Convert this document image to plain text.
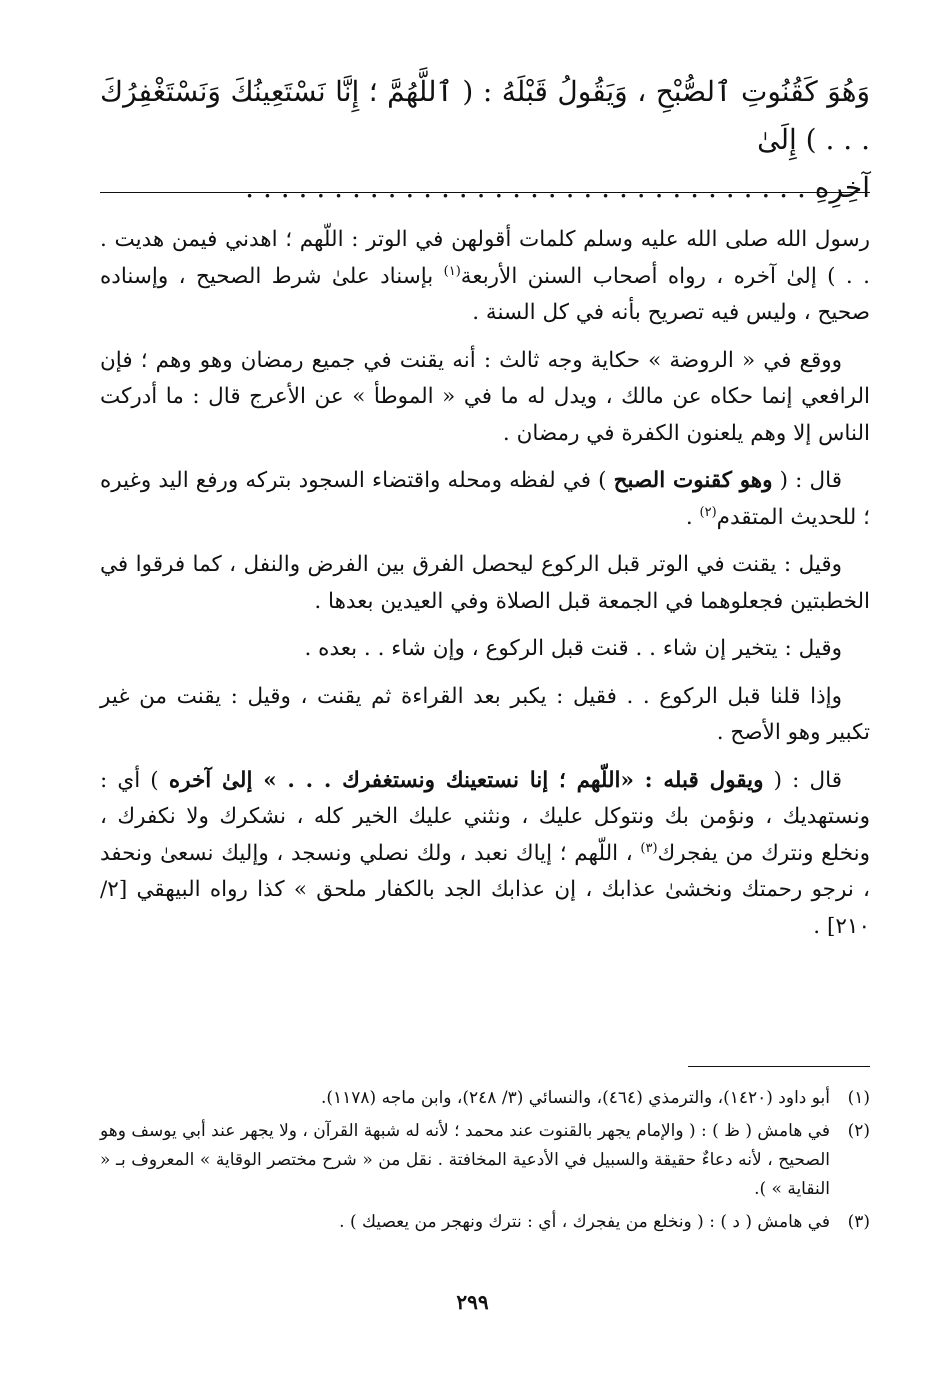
وَهُوَ كَقُنُوتِ ٱلصُّبْحِ ، وَيَقُولُ قَبْلَهُ : ( ٱللَّهُمَّ ؛ إِنَّا نَسْتَعِينُكَ وَنَسْتَغْفِرُكَ . . . ) إِلَىٰ

آخِرِهِ . . . . . . . . . . . . . . . . . . . . . . . . . . . . . . . .

رسول الله صلى الله عليه وسلم كلمات أقولهن في الوتر : اللّهم ؛ اهدني فيمن هديت . . . ) إلىٰ آخره ، رواه أصحاب السنن الأربعة$^{(١)}$ بإسناد علىٰ شرط الصحيح ، وإسناده صحيح ، وليس فيه تصريح بأنه في كل السنة .

ووقع في « الروضة » حكاية وجه ثالث : أنه يقنت في جميع رمضان وهو وهم ؛ فإن الرافعي إنما حكاه عن مالك ، ويدل له ما في « الموطأ » عن الأعرج قال : ما أدركت الناس إلا وهم يلعنون الكفرة في رمضان .

قال : ( وهو كقنوت الصبح ) في لفظه ومحله واقتضاء السجود بتركه ورفع اليد وغيره ؛ للحديث المتقدم$^{(٢)}$ .

وقيل : يقنت في الوتر قبل الركوع ليحصل الفرق بين الفرض والنفل ، كما فرقوا في الخطبتين فجعلوهما في الجمعة قبل الصلاة وفي العيدين بعدها .

وقيل : يتخير إن شاء . . قنت قبل الركوع ، وإن شاء . . بعده .

وإذا قلنا قبل الركوع . . فقيل : يكبر بعد القراءة ثم يقنت ، وقيل : يقنت من غير تكبير وهو الأصح .

قال : ( ويقول قبله : «اللّهم ؛ إنا نستعينك ونستغفرك . . . » إلىٰ آخره ) أي : ونستهديك ، ونؤمن بك ونتوكل عليك ، ونثني عليك الخير كله ، نشكرك ولا نكفرك ، ونخلع ونترك من يفجرك$^{(٣)}$ ، اللّهم ؛ إياك نعبد ، ولك نصلي ونسجد ، وإليك نسعىٰ ونحفد ، نرجو رحمتك ونخشىٰ عذابك ، إن عذابك الجد بالكفار ملحق » كذا رواه البيهقي [٢/ ٢١٠] .

(١)
أبو داود (١٤٢٠)، والترمذي (٤٦٤)، والنسائي (٣/ ٢٤٨)، وابن ماجه (١١٧٨).
(٢)
في هامش ( ظ ) : ( والإمام يجهر بالقنوت عند محمد ؛ لأنه له شبهة القرآن ، ولا يجهر عند أبي يوسف وهو الصحيح ، لأنه دعاءٌ حقيقة والسبيل في الأدعية المخافتة . نقل من « شرح مختصر الوقاية » المعروف بـ « النقاية » ).
(٣)
في هامش ( د ) : ( ونخلع من يفجرك ، أي : نترك ونهجر من يعصيك ) .
٢٩٩
